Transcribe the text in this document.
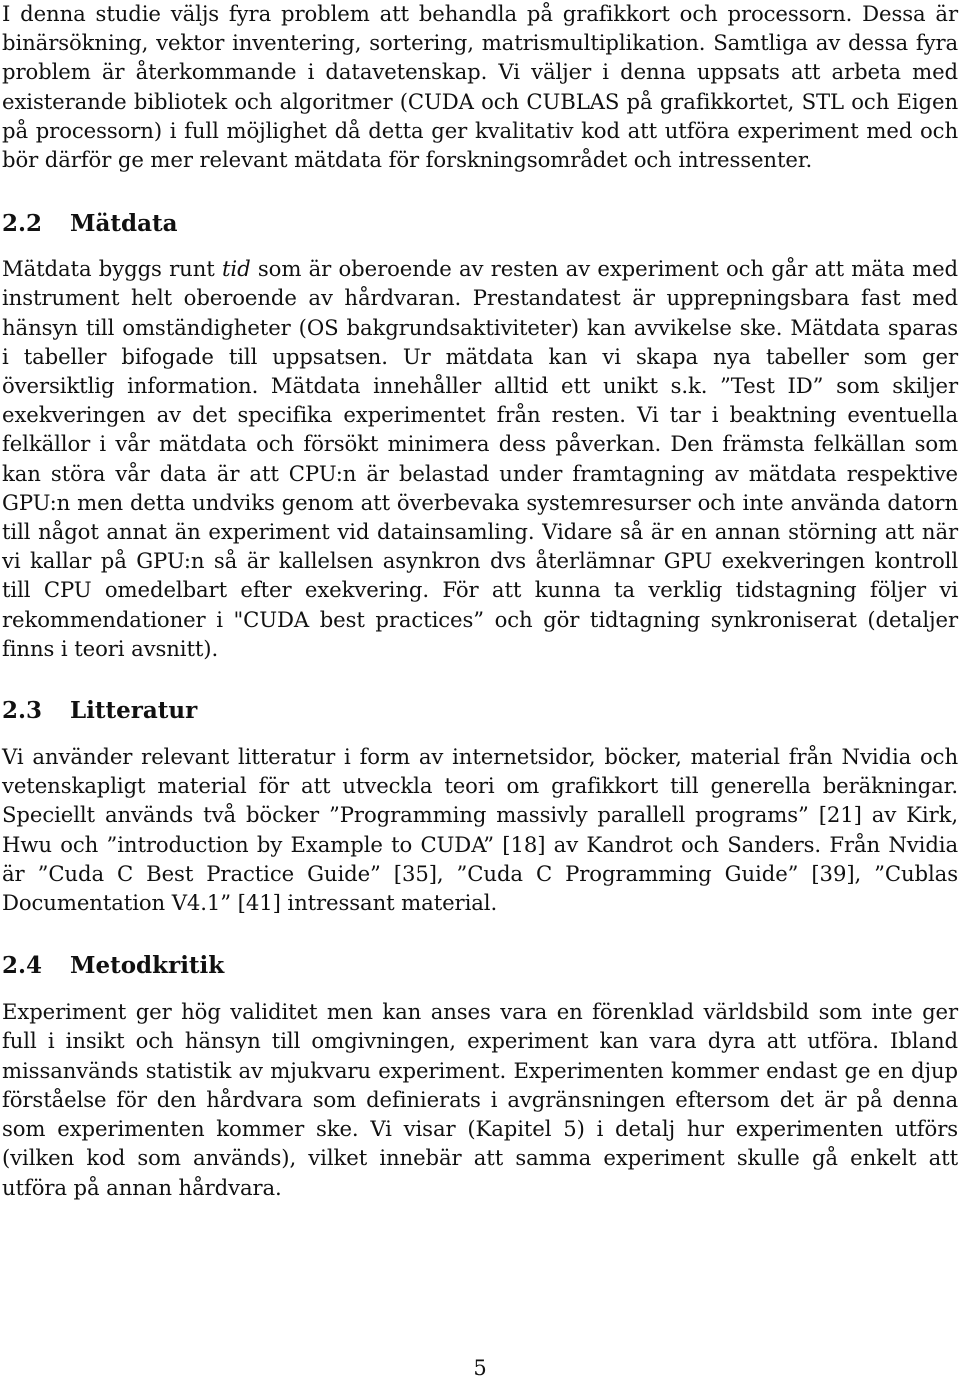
I denna studie väljs fyra problem att behandla på grafikkort och processorn. Dessa är binärsökning, vektor inventering, sortering, matrismultiplikation. Samtliga av dessa fyra problem är återkommande i datavetenskap. Vi väljer i denna uppsats att arbeta med existerande bibliotek och algoritmer (CUDA och CUBLAS på grafikkortet, STL och Eigen på processorn) i full möjlighet då detta ger kvalitativ kod att utföra experiment med och bör därför ge mer relevant mätdata för forskningsområdet och intressenter.

2.2	Mätdata

Mätdata byggs runt tid som är oberoende av resten av experiment och går att mäta med instrument helt oberoende av hårdvaran. Prestandatest är upprepningsbara fast med hänsyn till omständigheter (OS bakgrundsaktiviteter) kan avvikelse ske. Mätdata sparas i tabeller bifogade till uppsatsen. Ur mätdata kan vi skapa nya tabeller som ger översiktlig information. Mätdata innehåller alltid ett unikt s.k. ”Test ID” som skiljer exekveringen av det specifika experimentet från resten. Vi tar i beaktning eventuella felkällor i vår mätdata och försökt minimera dess påverkan. Den främsta felkällan som kan störa vår data är att CPU:n är belastad under framtagning av mätdata respektive GPU:n men detta undviks genom att överbevaka systemresurser och inte använda datorn till något annat än experiment vid datainsamling. Vidare så är en annan störning att när vi kallar på GPU:n så är kallelsen asynkron dvs återlämnar GPU exekveringen kontroll till CPU omedelbart efter exekvering. För att kunna ta verklig tidstagning följer vi rekommendationer i "CUDA best practices” och gör tidtagning synkroniserat (detaljer finns i teori avsnitt).

2.3	Litteratur

Vi använder relevant litteratur i form av internetsidor, böcker, material från Nvidia och vetenskapligt material för att utveckla teori om grafikkort till generella beräkningar. Speciellt används två böcker ”Programming massivly parallell programs” [21] av Kirk, Hwu och ”introduction by Example to CUDA” [18] av Kandrot och Sanders. Från Nvidia är ”Cuda C Best Practice Guide” [35], ”Cuda C Programming Guide” [39], ”Cublas Documentation V4.1” [41] intressant material.

2.4	Metodkritik

Experiment ger hög validitet men kan anses vara en förenklad världsbild som inte ger full i insikt och hänsyn till omgivningen, experiment kan vara dyra att utföra. Ibland missanvänds statistik av mjukvaru experiment. Experimenten kommer endast ge en djup förståelse för den hårdvara som definierats i avgränsningen eftersom det är på denna som experimenten kommer ske. Vi visar (Kapitel 5) i detalj hur experimenten utförs (vilken kod som används), vilket innebär att samma experiment skulle gå enkelt att utföra på annan hårdvara.

5
